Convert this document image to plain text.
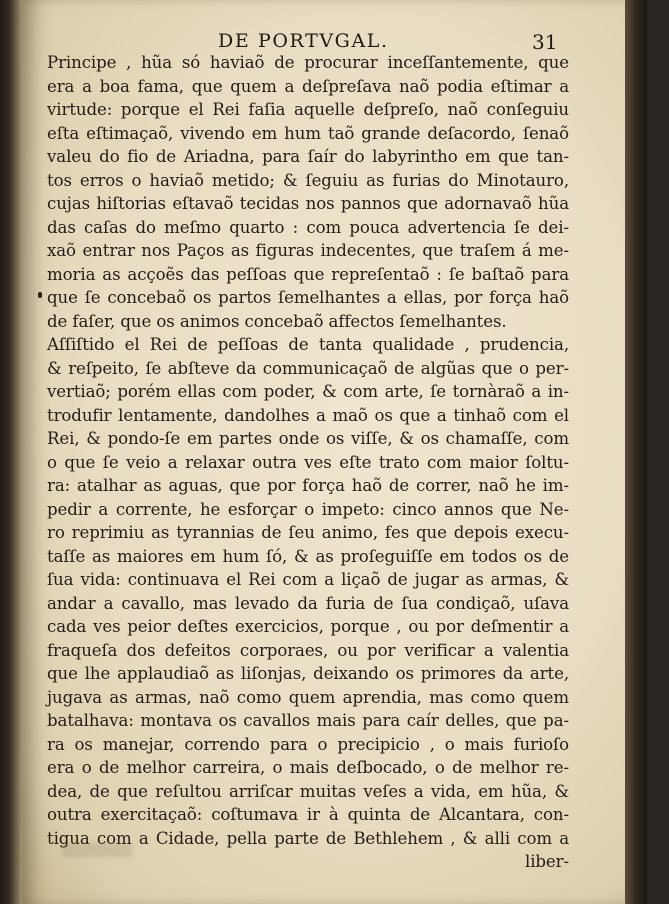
DE PORTVGAL.	31
Principe , hũa só haviaõ de procurar inceſſantemente, que
era a boa fama, que quem a deſpreſava naõ podia eſtimar a
virtude: porque el Rei faſia aquelle deſpreſo, naõ conſeguiu
eſta eſtimaçaõ, vivendo em hum taõ grande deſacordo, ſenaõ
valeu do fio de Ariadna, para ſaír do labyrintho em que tan-
tos erros o haviaõ metido; & ſeguiu as furias do Minotauro,
cujas hiſtorias eſtavaõ tecidas nos pannos que adornavaõ hũa
das caſas do meſmo quarto : com pouca advertencia ſe dei-
xaõ entrar nos Paços as figuras indecentes, que traſem á me-
moria as acçoẽs das peſſoas que repreſentaõ : ſe baſtaõ para
que ſe concebaõ os partos ſemelhantes a ellas, por força haõ
de faſer, que os animos concebaõ affectos ſemelhantes.
Aſſiſtido el Rei de peſſoas de tanta qualidade , prudencia,
& reſpeito, ſe abſteve da communicaçaõ de algũas que o per-
vertiaõ; porém ellas com poder, & com arte, ſe tornàraõ a in-
trodufir lentamente, dandolhes a maõ os que a tinhaõ com el
Rei, & pondo-ſe em partes onde os viſſe, & os chamaſſe, com
o que ſe veio a relaxar outra ves eſte trato com maior ſoltu-
ra: atalhar as aguas, que por força haõ de correr, naõ he im-
pedir a corrente, he esforçar o impeto: cinco annos que Ne-
ro reprimiu as tyrannias de ſeu animo, fes que depois execu-
taſſe as maiores em hum ſó, & as proſeguiſſe em todos os de
ſua vida: continuava el Rei com a liçaõ de jugar as armas, &
andar a cavallo, mas levado da furia de ſua condiçaõ, uſava
cada ves peior deſtes exercicios, porque , ou por deſmentir a
fraqueſa dos defeitos corporaes, ou por verificar a valentia
que lhe applaudiaõ as liſonjas, deixando os primores da arte,
jugava as armas, naõ como quem aprendia, mas como quem
batalhava: montava os cavallos mais para caír delles, que pa-
ra os manejar, correndo para o precipicio , o mais furioſo
era o de melhor carreira, o mais deſbocado, o de melhor re-
dea, de que reſultou arriſcar muitas veſes a vida, em hũa, &
outra exercitaçaõ: coſtumava ir à quinta de Alcantara, con-
tigua com a Cidade, pella parte de Bethlehem , & alli com a
liber-
